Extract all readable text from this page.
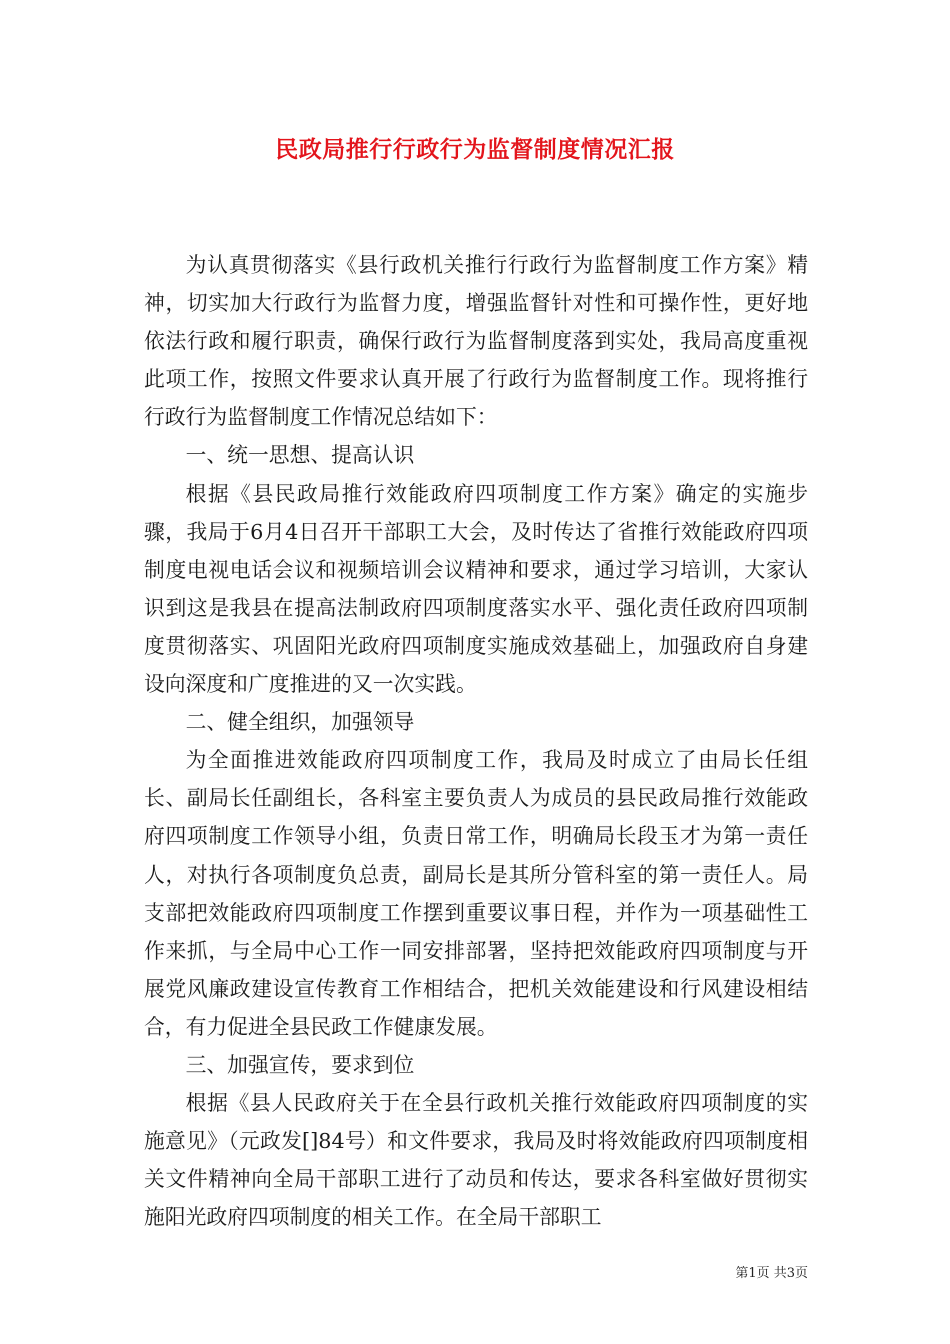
民政局推行行政行为监督制度情况汇报

为认真贯彻落实《县行政机关推行行政行为监督制度工作方案》精神，切实加大行政行为监督力度，增强监督针对性和可操作性，更好地依法行政和履行职责，确保行政行为监督制度落到实处，我局高度重视此项工作，按照文件要求认真开展了行政行为监督制度工作。现将推行行政行为监督制度工作情况总结如下：

一、统一思想、提高认识

根据《县民政局推行效能政府四项制度工作方案》确定的实施步骤，我局于6月4日召开干部职工大会，及时传达了省推行效能政府四项制度电视电话会议和视频培训会议精神和要求，通过学习培训，大家认识到这是我县在提高法制政府四项制度落实水平、强化责任政府四项制度贯彻落实、巩固阳光政府四项制度实施成效基础上，加强政府自身建设向深度和广度推进的又一次实践。

二、健全组织，加强领导

为全面推进效能政府四项制度工作，我局及时成立了由局长任组长、副局长任副组长，各科室主要负责人为成员的县民政局推行效能政府四项制度工作领导小组，负责日常工作，明确局长段玉才为第一责任人，对执行各项制度负总责，副局长是其所分管科室的第一责任人。局支部把效能政府四项制度工作摆到重要议事日程，并作为一项基础性工作来抓，与全局中心工作一同安排部署，坚持把效能政府四项制度与开展党风廉政建设宣传教育工作相结合，把机关效能建设和行风建设相结合，有力促进全县民政工作健康发展。

三、加强宣传，要求到位

根据《县人民政府关于在全县行政机关推行效能政府四项制度的实施意见》（元政发[]84号）和文件要求，我局及时将效能政府四项制度相关文件精神向全局干部职工进行了动员和传达，要求各科室做好贯彻实施阳光政府四项制度的相关工作。在全局干部职工

第1页 共3页
